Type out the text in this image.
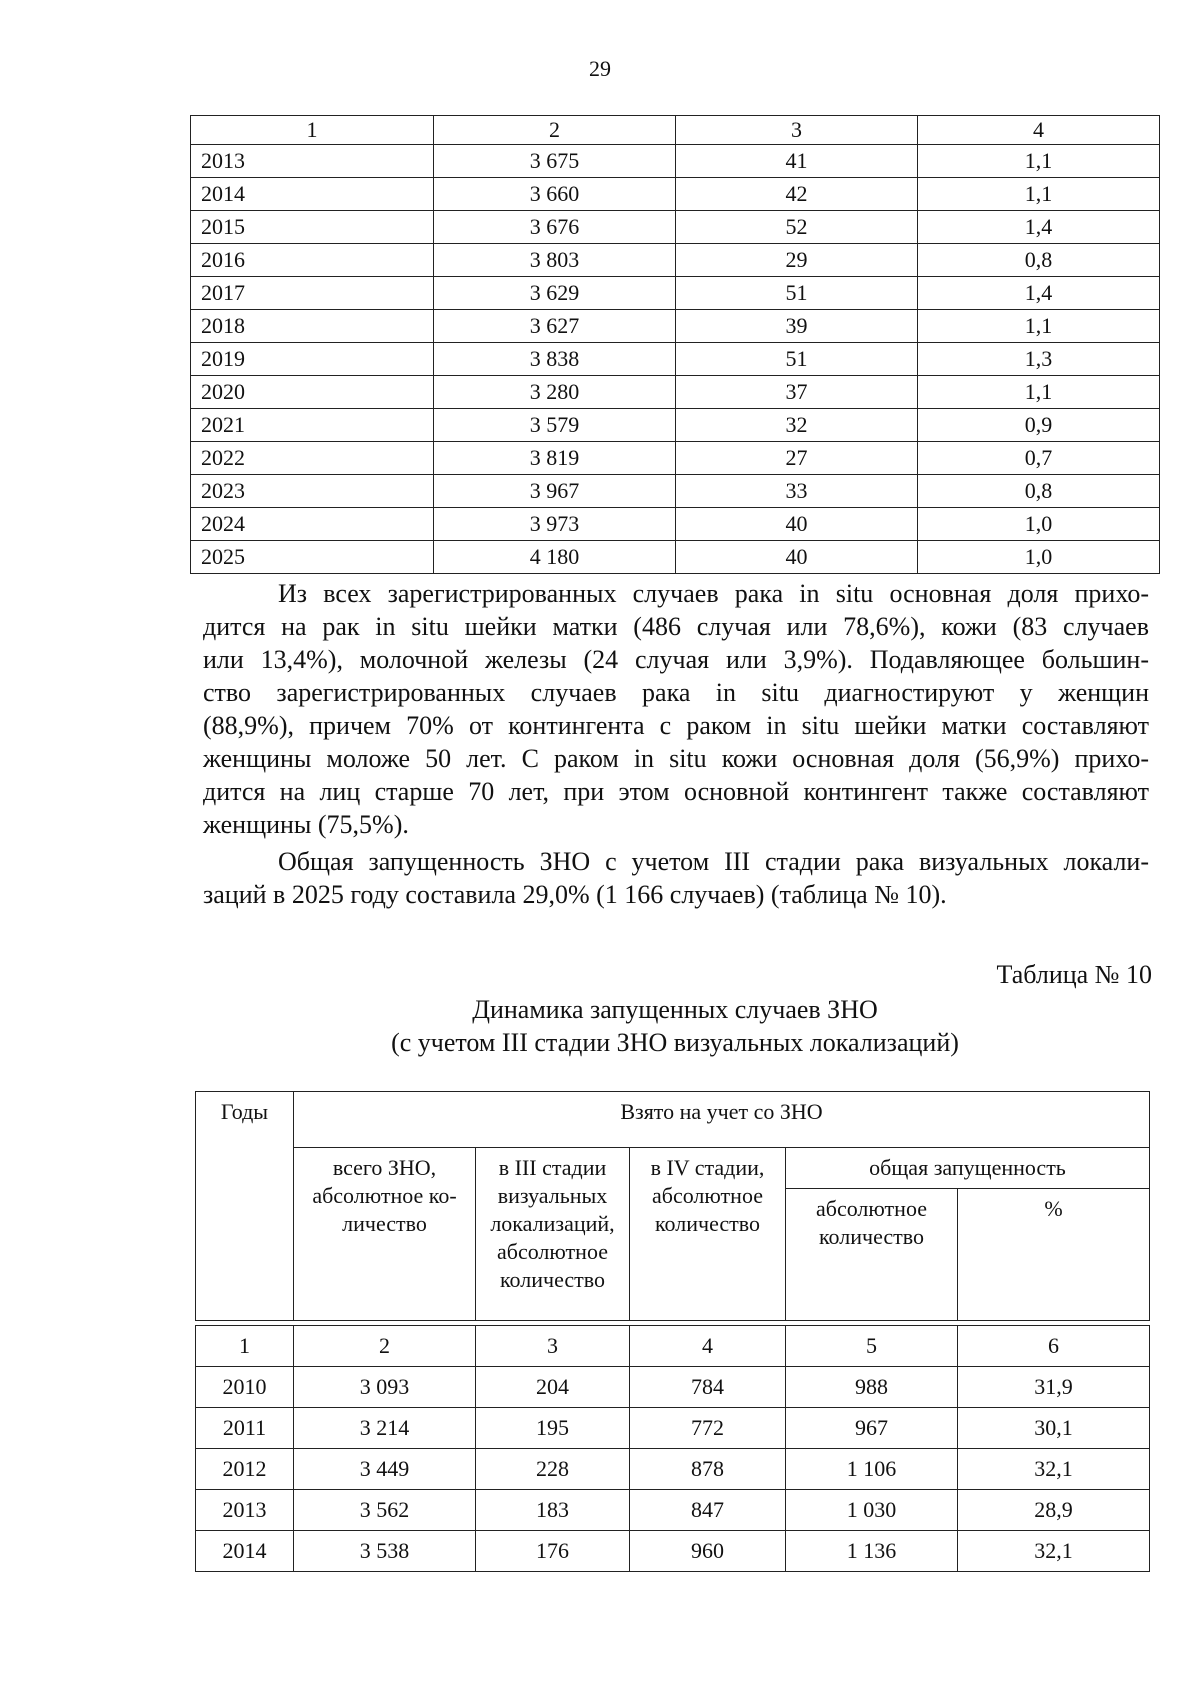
29
1	2	3	4
2013	3 675	41	1,1
2014	3 660	42	1,1
2015	3 676	52	1,4
2016	3 803	29	0,8
2017	3 629	51	1,4
2018	3 627	39	1,1
2019	3 838	51	1,3
2020	3 280	37	1,1
2021	3 579	32	0,9
2022	3 819	27	0,7
2023	3 967	33	0,8
2024	3 973	40	1,0
2025	4 180	40	1,0
Из всех зарегистрированных случаев рака in situ основная доля прихо-
дится на рак in situ шейки матки (486 случая или 78,6%), кожи (83 случаев
или 13,4%), молочной железы (24 случая или 3,9%). Подавляющее большин-
ство зарегистрированных случаев рака in situ диагностируют у женщин
(88,9%), причем 70% от контингента с раком in situ шейки матки составляют
женщины моложе 50 лет. С раком in situ кожи основная доля (56,9%) прихо-
дится на лиц старше 70 лет, при этом основной контингент также составляют
женщины (75,5%).
Общая запущенность ЗНО с учетом III стадии рака визуальных локали-
заций в 2025 году составила 29,0% (1 166 случаев) (таблица № 10).
Таблица № 10
Динамика запущенных случаев ЗНО
(с учетом III стадии ЗНО визуальных локализаций)
Годы	Взято на учет со ЗНО				
	всего ЗНО, абсолютное ко-личество	в III стадии визуальных локализаций, абсолютное количество	в IV стадии, абсолютное количество	общая запущенность	
				абсолютное количество	%
1	2	3	4	5	6
2010	3 093	204	784	988	31,9
2011	3 214	195	772	967	30,1
2012	3 449	228	878	1 106	32,1
2013	3 562	183	847	1 030	28,9
2014	3 538	176	960	1 136	32,1
